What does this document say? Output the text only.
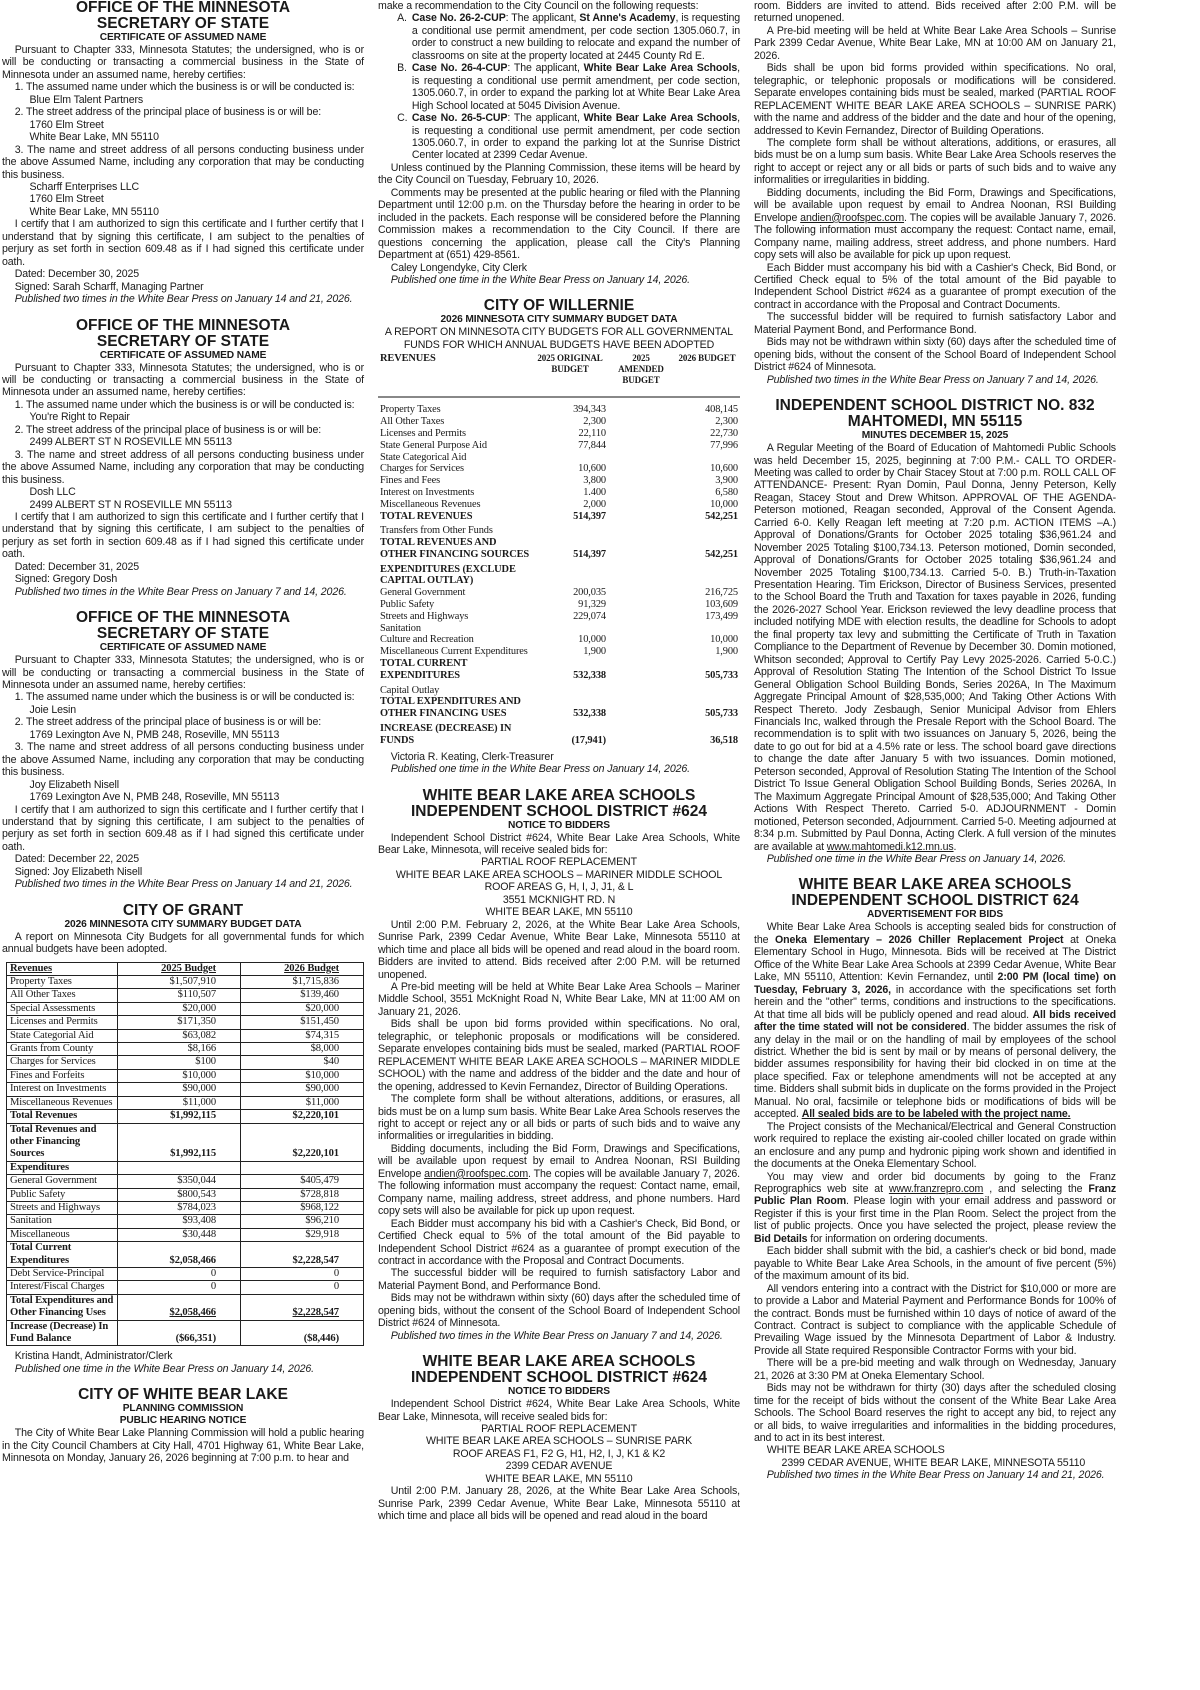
OFFICE OF THE MINNESOTA
SECRETARY OF STATE
CERTIFICATE OF ASSUMED NAME
Pursuant to Chapter 333, Minnesota Statutes; the undersigned, who is or will be conducting or transacting a commercial business in the State of Minnesota under an assumed name, hereby certifies:
1. The assumed name under which the business is or will be conducted is:
Blue Elm Talent Partners
2. The street address of the principal place of business is or will be:
1760 Elm Street
White Bear Lake, MN 55110
3. The name and street address of all persons conducting business under the above Assumed Name, including any corporation that may be conducting this business.
Scharff Enterprises LLC
1760 Elm Street
White Bear Lake, MN 55110
I certify that I am authorized to sign this certificate and I further certify that I understand that by signing this certificate, I am subject to the penalties of perjury as set forth in section 609.48 as if I had signed this certificate under oath.
Dated: December 30, 2025
Signed: Sarah Scharff, Managing Partner
Published two times in the White Bear Press on January 14 and 21, 2026.
OFFICE OF THE MINNESOTA
SECRETARY OF STATE
CERTIFICATE OF ASSUMED NAME
Pursuant to Chapter 333, Minnesota Statutes; the undersigned, who is or will be conducting or transacting a commercial business in the State of Minnesota under an assumed name, hereby certifies:
1. The assumed name under which the business is or will be conducted is:
You're Right to Repair
2. The street address of the principal place of business is or will be:
2499 ALBERT ST N ROSEVILLE MN 55113
3. The name and street address of all persons conducting business under the above Assumed Name, including any corporation that may be conducting this business.
Dosh LLC
2499 ALBERT ST N ROSEVILLE MN 55113
I certify that I am authorized to sign this certificate and I further certify that I understand that by signing this certificate, I am subject to the penalties of perjury as set forth in section 609.48 as if I had signed this certificate under oath.
Dated: December 31, 2025
Signed: Gregory Dosh
Published two times in the White Bear Press on January 7 and 14, 2026.
OFFICE OF THE MINNESOTA
SECRETARY OF STATE
CERTIFICATE OF ASSUMED NAME
Pursuant to Chapter 333, Minnesota Statutes; the undersigned, who is or will be conducting or transacting a commercial business in the State of Minnesota under an assumed name, hereby certifies:
1. The assumed name under which the business is or will be conducted is:
Joie Lesin
2. The street address of the principal place of business is or will be:
1769 Lexington Ave N, PMB 248, Roseville, MN 55113
3. The name and street address of all persons conducting business under the above Assumed Name, including any corporation that may be conducting this business.
Joy Elizabeth Nisell
1769 Lexington Ave N, PMB 248, Roseville, MN 55113
I certify that I am authorized to sign this certificate and I further certify that I understand that by signing this certificate, I am subject to the penalties of perjury as set forth in section 609.48 as if I had signed this certificate under oath.
Dated: December 22, 2025
Signed: Joy Elizabeth Nisell
Published two times in the White Bear Press on January 14 and 21, 2026.
CITY OF GRANT
2026 MINNESOTA CITY SUMMARY BUDGET DATA
A report on Minnesota City Budgets for all governmental funds for which annual budgets have been adopted.
Revenues	2025 Budget	2026 Budget
Property Taxes	$1,507,910	$1,715,836
All Other Taxes	$110,507	$139,460
Special Assessments	$20,000	$20,000
Licenses and Permits	$171,350	$151,450
State Categorial Aid	$63,082	$74,315
Grants from County	$8,166	$8,000
Charges for Services	$100	$40
Fines and Forfeits	$10,000	$10,000
Interest on Investments	$90,000	$90,000
Miscellaneous Revenues	$11,000	$11,000
Total Revenues	$1,992,115	$2,220,101
Total Revenues and other Financing Sources	$1,992,115	$2,220,101
Expenditures		
General Government	$350,044	$405,479
Public Safety	$800,543	$728,818
Streets and Highways	$784,023	$968,122
Sanitation	$93,408	$96,210
Miscellaneous	$30,448	$29,918
Total Current Expenditures	$2,058,466	$2,228,547
Debt Service-Principal	0	0
Interest/Fiscal Charges	0	0
Total Expenditures and Other Financing Uses	$2,058,466	$2,228,547
Increase (Decrease) In Fund Balance	($66,351)	($8,446)
Kristina Handt, Administrator/Clerk
Published one time in the White Bear Press on January 14, 2026.
CITY OF WHITE BEAR LAKE
PLANNING COMMISSION
PUBLIC HEARING NOTICE
The City of White Bear Lake Planning Commission will hold a public hearing in the City Council Chambers at City Hall, 4701 Highway 61, White Bear Lake, Minnesota on Monday, January 26, 2026 beginning at 7:00 p.m. to hear and
make a recommendation to the City Council on the following requests:
A. Case No. 26-2-CUP: The applicant, St Anne's Academy, is requesting a conditional use permit amendment, per code section 1305.060.7, in order to construct a new building to relocate and expand the number of classrooms on site at the property located at 2445 County Rd E.
B. Case No. 26-4-CUP: The applicant, White Bear Lake Area Schools, is requesting a conditional use permit amendment, per code section, 1305.060.7, in order to expand the parking lot at White Bear Lake Area High School located at 5045 Division Avenue.
C. Case No. 26-5-CUP: The applicant, White Bear Lake Area Schools, is requesting a conditional use permit amendment, per code section 1305.060.7, in order to expand the parking lot at the Sunrise District Center located at 2399 Cedar Avenue.
Unless continued by the Planning Commission, these items will be heard by the City Council on Tuesday, February 10, 2026.
Comments may be presented at the public hearing or filed with the Planning Department until 12:00 p.m. on the Thursday before the hearing in order to be included in the packets. Each response will be considered before the Planning Commission makes a recommendation to the City Council. If there are questions concerning the application, please call the City's Planning Department at (651) 429-8561.
Caley Longendyke, City Clerk
Published one time in the White Bear Press on January 14, 2026.
CITY OF WILLERNIE
2026 MINNESOTA CITY SUMMARY BUDGET DATA
A REPORT ON MINNESOTA CITY BUDGETS FOR ALL GOVERNMENTAL FUNDS FOR WHICH ANNUAL BUDGETS HAVE BEEN ADOPTED
REVENUES	2025 ORIGINAL BUDGET	2025 AMENDED BUDGET	2026 BUDGET
Property Taxes	394,343		408,145
All Other Taxes	2,300		2,300
Licenses and Permits	22,110		22,730
State General Purpose Aid	77,844		77,996
State Categorical Aid			
Charges for Services	10,600		10,600
Fines and Fees	3,800		3,900
Interest on Investments	1.400		6,580
Miscellaneous Revenues	2,000		10,000
TOTAL REVENUES	514,397		542,251
Transfers from Other Funds			
TOTAL REVENUES AND OTHER FINANCING SOURCES	514,397		542,251
EXPENDITURES (EXCLUDE CAPITAL OUTLAY)			
General Government	200,035		216,725
Public Safety	91,329		103,609
Streets and Highways	229,074		173,499
Sanitation			
Culture and Recreation	10,000		10,000
Miscellaneous Current Expenditures	1,900		1,900
TOTAL CURRENT EXPENDITURES	532,338		505,733
Capital Outlay			
TOTAL EXPENDITURES AND OTHER FINANCING USES	532,338		505,733
INCREASE (DECREASE) IN FUNDS	(17,941)		36,518
Victoria R. Keating, Clerk-Treasurer
Published one time in the White Bear Press on January 14, 2026.
WHITE BEAR LAKE AREA SCHOOLS
INDEPENDENT SCHOOL DISTRICT #624
NOTICE TO BIDDERS
Independent School District #624, White Bear Lake Area Schools, White Bear Lake, Minnesota, will receive sealed bids for:
PARTIAL ROOF REPLACEMENT
WHITE BEAR LAKE AREA SCHOOLS – MARINER MIDDLE SCHOOL
ROOF AREAS G, H, I, J, J1, & L
3551 MCKNIGHT RD. N
WHITE BEAR LAKE, MN 55110
Until 2:00 P.M. February 2, 2026, at the White Bear Lake Area Schools, Sunrise Park, 2399 Cedar Avenue, White Bear Lake, Minnesota 55110 at which time and place all bids will be opened and read aloud in the board room. Bidders are invited to attend. Bids received after 2:00 P.M. will be returned unopened.
A Pre-bid meeting will be held at White Bear Lake Area Schools – Mariner Middle School, 3551 McKnight Road N, White Bear Lake, MN at 11:00 AM on January 21, 2026.
Bids shall be upon bid forms provided within specifications. No oral, telegraphic, or telephonic proposals or modifications will be considered. Separate envelopes containing bids must be sealed, marked (PARTIAL ROOF REPLACEMENT WHITE BEAR LAKE AREA SCHOOLS – MARINER MIDDLE SCHOOL) with the name and address of the bidder and the date and hour of the opening, addressed to Kevin Fernandez, Director of Building Operations.
The complete form shall be without alterations, additions, or erasures, all bids must be on a lump sum basis. White Bear Lake Area Schools reserves the right to accept or reject any or all bids or parts of such bids and to waive any informalities or irregularities in bidding.
Bidding documents, including the Bid Form, Drawings and Specifications, will be available upon request by email to Andrea Noonan, RSI Building Envelope andien@roofspec.com. The copies will be available January 7, 2026. The following information must accompany the request: Contact name, email, Company name, mailing address, street address, and phone numbers. Hard copy sets will also be available for pick up upon request.
Each Bidder must accompany his bid with a Cashier's Check, Bid Bond, or Certified Check equal to 5% of the total amount of the Bid payable to Independent School District #624 as a guarantee of prompt execution of the contract in accordance with the Proposal and Contract Documents.
The successful bidder will be required to furnish satisfactory Labor and Material Payment Bond, and Performance Bond.
Bids may not be withdrawn within sixty (60) days after the scheduled time of opening bids, without the consent of the School Board of Independent School District #624 of Minnesota.
Published two times in the White Bear Press on January 7 and 14, 2026.
WHITE BEAR LAKE AREA SCHOOLS
INDEPENDENT SCHOOL DISTRICT #624
NOTICE TO BIDDERS
Independent School District #624, White Bear Lake Area Schools, White Bear Lake, Minnesota, will receive sealed bids for:
PARTIAL ROOF REPLACEMENT
WHITE BEAR LAKE AREA SCHOOLS – SUNRISE PARK
ROOF AREAS F1, F2 G, H1, H2, I, J, K1 & K2
2399 CEDAR AVENUE
WHITE BEAR LAKE, MN 55110
Until 2:00 P.M. January 28, 2026, at the White Bear Lake Area Schools, Sunrise Park, 2399 Cedar Avenue, White Bear Lake, Minnesota 55110 at which time and place all bids will be opened and read aloud in the board
room. Bidders are invited to attend. Bids received after 2:00 P.M. will be returned unopened.
A Pre-bid meeting will be held at White Bear Lake Area Schools – Sunrise Park 2399 Cedar Avenue, White Bear Lake, MN at 10:00 AM on January 21, 2026.
Bids shall be upon bid forms provided within specifications. No oral, telegraphic, or telephonic proposals or modifications will be considered. Separate envelopes containing bids must be sealed, marked (PARTIAL ROOF REPLACEMENT WHITE BEAR LAKE AREA SCHOOLS – SUNRISE PARK) with the name and address of the bidder and the date and hour of the opening, addressed to Kevin Fernandez, Director of Building Operations.
The complete form shall be without alterations, additions, or erasures, all bids must be on a lump sum basis. White Bear Lake Area Schools reserves the right to accept or reject any or all bids or parts of such bids and to waive any informalities or irregularities in bidding.
Bidding documents, including the Bid Form, Drawings and Specifications, will be available upon request by email to Andrea Noonan, RSI Building Envelope andien@roofspec.com. The copies will be available January 7, 2026. The following information must accompany the request: Contact name, email, Company name, mailing address, street address, and phone numbers. Hard copy sets will also be available for pick up upon request.
Each Bidder must accompany his bid with a Cashier's Check, Bid Bond, or Certified Check equal to 5% of the total amount of the Bid payable to Independent School District #624 as a guarantee of prompt execution of the contract in accordance with the Proposal and Contract Documents.
The successful bidder will be required to furnish satisfactory Labor and Material Payment Bond, and Performance Bond.
Bids may not be withdrawn within sixty (60) days after the scheduled time of opening bids, without the consent of the School Board of Independent School District #624 of Minnesota.
Published two times in the White Bear Press on January 7 and 14, 2026.
INDEPENDENT SCHOOL DISTRICT NO. 832
MAHTOMEDI, MN 55115
MINUTES DECEMBER 15, 2025
A Regular Meeting of the Board of Education of Mahtomedi Public Schools was held December 15, 2025, beginning at 7:00 P.M.- CALL TO ORDER- Meeting was called to order by Chair Stacey Stout at 7:00 p.m. ROLL CALL OF ATTENDANCE- Present: Ryan Domin, Paul Donna, Jenny Peterson, Kelly Reagan, Stacey Stout and Drew Whitson. APPROVAL OF THE AGENDA- Peterson motioned, Reagan seconded, Approval of the Consent Agenda. Carried 6-0. Kelly Reagan left meeting at 7:20 p.m. ACTION ITEMS –A.) Approval of Donations/Grants for October 2025 totaling $36,961.24 and November 2025 Totaling $100,734.13. Peterson motioned, Domin seconded, Approval of Donations/Grants for October 2025 totaling $36,961.24 and November 2025 Totaling $100,734.13. Carried 5-0. B.) Truth-in-Taxation Presentation Hearing. Tim Erickson, Director of Business Services, presented to the School Board the Truth and Taxation for taxes payable in 2026, funding the 2026-2027 School Year. Erickson reviewed the levy deadline process that included notifying MDE with election results, the deadline for Schools to adopt the final property tax levy and submitting the Certificate of Truth in Taxation Compliance to the Department of Revenue by December 30. Domin motioned, Whitson seconded; Approval to Certify Pay Levy 2025-2026. Carried 5-0.C.) Approval of Resolution Stating The Intention of the School District To Issue General Obligation School Building Bonds, Series 2026A, In The Maximum Aggregate Principal Amount of $28,535,000; And Taking Other Actions With Respect Thereto. Jody Zesbaugh, Senior Municipal Advisor from Ehlers Financials Inc, walked through the Presale Report with the School Board. The recommendation is to split with two issuances on January 5, 2026, being the date to go out for bid at a 4.5% rate or less. The school board gave directions to change the date after January 5 with two issuances. Domin motioned, Peterson seconded, Approval of Resolution Stating The Intention of the School District To Issue General Obligation School Building Bonds, Series 2026A, In The Maximum Aggregate Principal Amount of $28,535,000; And Taking Other Actions With Respect Thereto. Carried 5-0. ADJOURNMENT - Domin motioned, Peterson seconded, Adjournment. Carried 5-0. Meeting adjourned at 8:34 p.m. Submitted by Paul Donna, Acting Clerk. A full version of the minutes are available at www.mahtomedi.k12.mn.us.
Published one time in the White Bear Press on January 14, 2026.
WHITE BEAR LAKE AREA SCHOOLS
INDEPENDENT SCHOOL DISTRICT 624
ADVERTISEMENT FOR BIDS
White Bear Lake Area Schools is accepting sealed bids for construction of the Oneka Elementary – 2026 Chiller Replacement Project at Oneka Elementary School in Hugo, Minnesota. Bids will be received at The District Office of the White Bear Lake Area Schools at 2399 Cedar Avenue, White Bear Lake, MN 55110, Attention: Kevin Fernandez, until 2:00 PM (local time) on Tuesday, February 3, 2026, in accordance with the specifications set forth herein and the "other" terms, conditions and instructions to the specifications. At that time all bids will be publicly opened and read aloud. All bids received after the time stated will not be considered. The bidder assumes the risk of any delay in the mail or on the handling of mail by employees of the school district. Whether the bid is sent by mail or by means of personal delivery, the bidder assumes responsibility for having their bid clocked in on time at the place specified. Fax or telephone amendments will not be accepted at any time. Bidders shall submit bids in duplicate on the forms provided in the Project Manual. No oral, facsimile or telephone bids or modifications of bids will be accepted. All sealed bids are to be labeled with the project name.
The Project consists of the Mechanical/Electrical and General Construction work required to replace the existing air-cooled chiller located on grade within an enclosure and any pump and hydronic piping work shown and identified in the documents at the Oneka Elementary School.
You may view and order bid documents by going to the Franz Reprographics web site at www.franzrepro.com , and selecting the Franz Public Plan Room. Please login with your email address and password or Register if this is your first time in the Plan Room. Select the project from the list of public projects. Once you have selected the project, please review the Bid Details for information on ordering documents.
Each bidder shall submit with the bid, a cashier's check or bid bond, made payable to White Bear Lake Area Schools, in the amount of five percent (5%) of the maximum amount of its bid.
All vendors entering into a contract with the District for $10,000 or more are to provide a Labor and Material Payment and Performance Bonds for 100% of the contract. Bonds must be furnished within 10 days of notice of award of the Contract. Contract is subject to compliance with the applicable Schedule of Prevailing Wage issued by the Minnesota Department of Labor & Industry. Provide all State required Responsible Contractor Forms with your bid.
There will be a pre-bid meeting and walk through on Wednesday, January 21, 2026 at 3:30 PM at Oneka Elementary School.
Bids may not be withdrawn for thirty (30) days after the scheduled closing time for the receipt of bids without the consent of the White Bear Lake Area Schools. The School Board reserves the right to accept any bid, to reject any or all bids, to waive irregularities and informalities in the bidding procedures, and to act in its best interest.
WHITE BEAR LAKE AREA SCHOOLS
2399 CEDAR AVENUE, WHITE BEAR LAKE, MINNESOTA 55110
Published two times in the White Bear Press on January 14 and 21, 2026.
